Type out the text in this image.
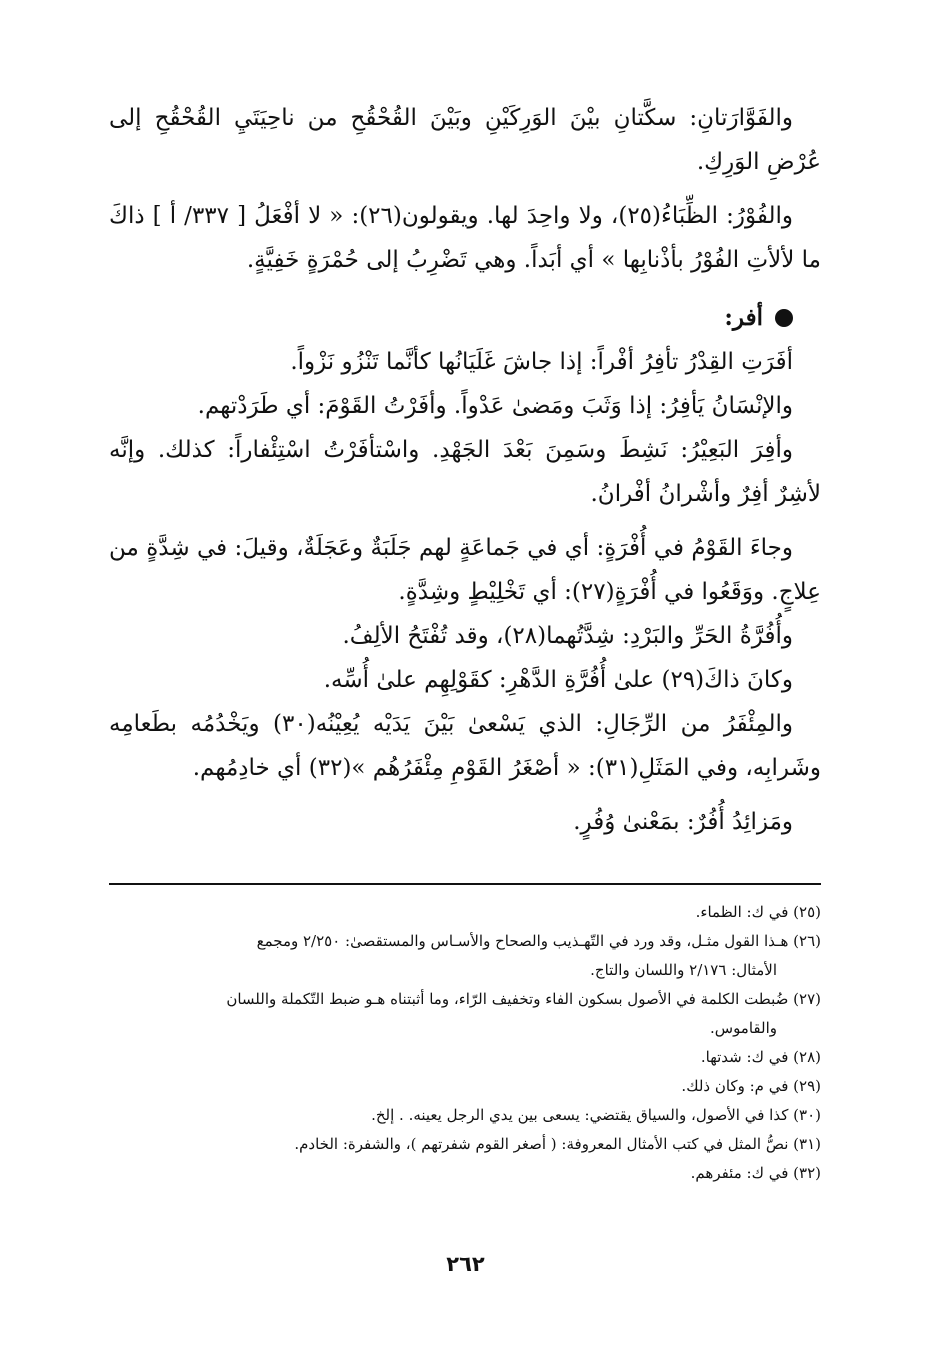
والفَوَّارَتانِ: سكَّتانِ بيْنَ الوَرِكَيْنِ وبَيْنَ القُحْقُحِ من ناحِيَتَيِ القُحْقُحِ إلى عُرْضِ الوَرِكِ.

والفُوْرُ: الظِّبَاءُ(٢٥)، ولا واحِدَ لها. ويقولون(٢٦): « لا أفْعَلُ [ ٣٣٧/ أ ] ذاكَ ما لألأتِ الفُوْرُ بأذْنابِها » أي أبَداً. وهي تَضْرِبُ إلى حُمْرَةٍ خَفِيَّةٍ.

أفر:

أفَرَتِ القِدْرُ تأفِرُ أفْراً: إذا جاشَ غَلَيَانُها كأنَّما تَنْزُو نَزْواً.

والإنْسَانُ يَأفِرُ: إذا وَثَبَ ومَضىٰ عَدْواً. وأفَرْتُ القَوْمَ: أي طَرَدْتهم.

وأفِرَ البَعِيْرُ: نَشِطَ وسَمِنَ بَعْدَ الجَهْدِ. واسْتأفَرْتُ اسْتِئْفاراً: كذلك. وإنَّه لأشِرٌ أفِرٌ وأشْرانُ أفْرانُ.

وجاءَ القَوْمُ في أُفْرَةٍ: أي في جَماعَةٍ لهم جَلَبَةٌ وعَجَلَةٌ، وقيلَ: في شِدَّةٍ من عِلاجٍ. ووَقَعُوا في أُفْرَةٍ(٢٧): أي تَخْلِيْطٍ وشِدَّةٍ.

وأُفُرَّةُ الحَرِّ والبَرْدِ: شِدَّتُهما(٢٨)، وقد تُفْتَحُ الألِفُ.

وكانَ ذاكَ(٢٩) علىٰ أُفُرَّةِ الدَّهْرِ: كقَوْلِهِم علىٰ أُسِّه.

والمِئْفَرُ من الرِّجَالِ: الذي يَسْعىٰ بَيْنَ يَدَيْه يُعِيْنُه(٣٠) ويَخْدُمُه بطَعامِه وشَرابِه، وفي المَثَلِ(٣١): « أصْغَرُ القَوْمِ مِئْفَرُهُم »(٣٢) أي خادِمُهم.

ومَزائِدُ أُفُرٌ: بمَعْنىٰ وُفُرٍ.

(٢٥) في ك: الظماء.

(٢٦) هـذا القول مثـل، وقد ورد في التّهـذيب والصحاح والأسـاس والمستقصىٰ: ٢/٢٥٠ ومجمع
الأمثال: ٢/١٧٦ واللسان والتاج.

(٢٧) ضُبطت الكلمة في الأصول بسكون الفاء وتخفيف الرّاء، وما أثبتناه هـو ضبط التّكملة واللسان
والقاموس.

(٢٨) في ك: شدتها.

(٢٩) في م: وكان ذلك.

(٣٠) كذا في الأصول، والسياق يقتضي: يسعى بين يدي الرجل يعينه. . إلخ.

(٣١) نصُّ المثل في كتب الأمثال المعروفة: ( أصغر القوم شفرتهم )، والشفرة: الخادم.

(٣٢) في ك: مئفرهم.

٢٦٢
